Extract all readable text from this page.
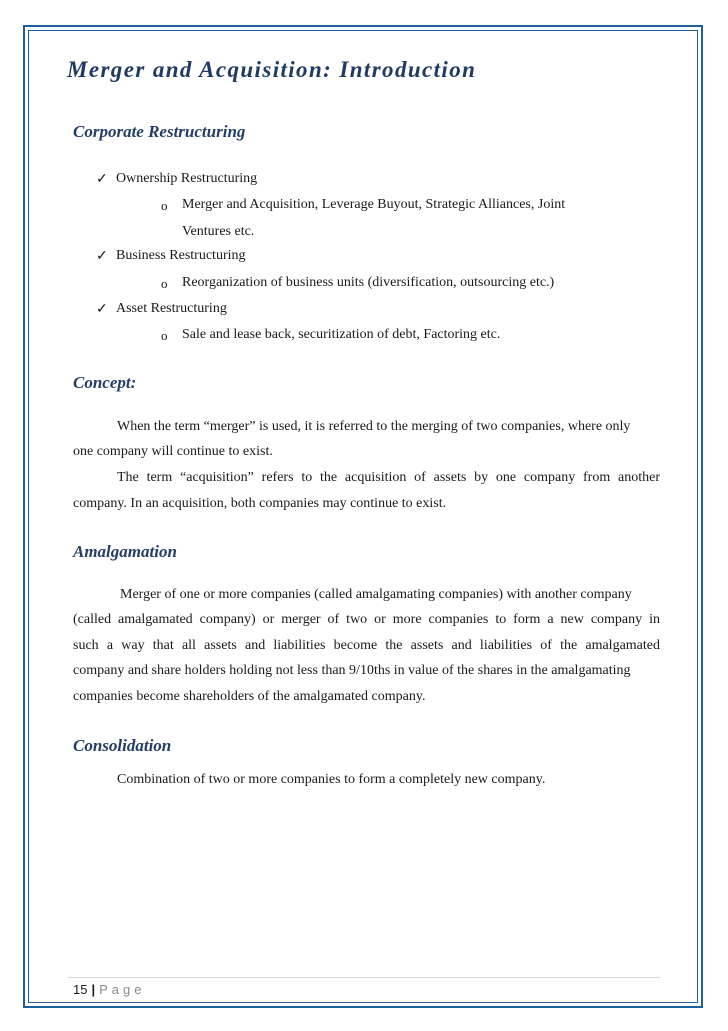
Merger and Acquisition: Introduction
Corporate Restructuring
✓ Ownership Restructuring
o Merger and Acquisition, Leverage Buyout, Strategic Alliances, Joint
Ventures etc.
✓ Business Restructuring
o Reorganization of business units (diversification, outsourcing etc.)
✓ Asset Restructuring
o Sale and lease back, securitization of debt, Factoring etc.
Concept:
When the term “merger” is used, it is referred to the merging of two companies, where only
one company will continue to exist.
The term “acquisition” refers to the acquisition of assets by one company from another
company. In an acquisition, both companies may continue to exist.
Amalgamation
Merger of one or more companies (called amalgamating companies) with another company
(called amalgamated company) or merger of two or more companies to form a new company in
such a way that all assets and liabilities become the assets and liabilities of the amalgamated
company and share holders holding not less than 9/10ths in value of the shares in the amalgamating
companies become shareholders of the amalgamated company.
Consolidation
Combination of two or more companies to form a completely new company.
15 | Page
